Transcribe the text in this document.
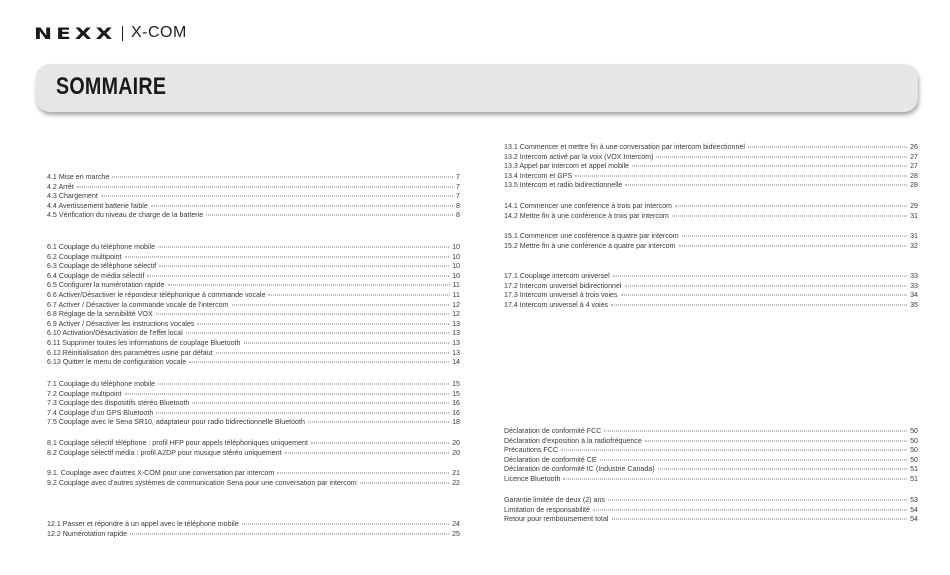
NEXX X-COM
SOMMAIRE
4.1 Mise en marche	7
4.2 Arrêt	7
4.3 Chargement	7
4.4 Avertissement batterie faible	8
4.5 Vérification du niveau de charge de la batterie	8
6.1 Couplage du téléphone mobile	10
6.2 Couplage multipoint	10
6.3 Couplage de téléphone sélectif	10
6.4 Couplage de média sélectif	10
6.5 Configurer la numérotation rapide	11
6.6 Activer/Désactiver le répondeur téléphonique à commande vocale	11
6.7 Activer / Désactiver la commande vocale de l'intercom	12
6.8 Réglage de la sensibilité VOX	12
6.9 Activer / Désactiver les instructions vocales	13
6.10 Activation/Désactivation de l'effet local	13
6.11 Supprimer toutes les informations de couplage Bluetooth	13
6.12 Réinitialisation des paramètres usine par défaut	13
6.13 Quitter le menu de configuration vocale	14
7.1 Couplage du téléphone mobile	15
7.2 Couplage multipoint	15
7.3 Couplage des dispositifs stéréo Bluetooth	16
7.4 Couplage d'un GPS Bluetooth	16
7.5 Couplage avec le Sena SR10, adaptateur pour radio bidirectionnelle Bluetooth	18
8.1 Couplage sélectif téléphone : profil HFP pour appels téléphoniques uniquement	20
8.2 Couplage sélectif média : profil A2DP pour musique stéréo uniquement	20
9.1. Couplage avec d'autres X-COM pour une conversation par intercom	21
9.2 Couplage avec d'autres systèmes de communication Sena pour une conversation par intercom	22
12.1 Passer et répondre à un appel avec le téléphone mobile	24
12.2 Numérotation rapide	25
13.1 Commencer et mettre fin à une conversation par intercom bidirectionnel	26
13.2 Intercom activé par la voix (VOX Intercom)	27
13.3 Appel par intercom et appel mobile	27
13.4 Intercom et GPS	28
13.5 Intercom et radio bidirectionnelle	28
14.1 Commencer une conférence à trois par intercom	29
14.2 Mettre fin à une conférence à trois par intercom	31
15.1 Commencer une conférence à quatre par intercom	31
15.2 Mettre fin à une conférence à quatre par intercom	32
17.1 Couplage intercom universel	33
17.2 Intercom universel bidirectionnel	33
17.3 Intercom universel à trois voies	34
17.4 Intercom universel à 4 voies	35
Déclaration de conformité FCC	50
Déclaration d'exposition à la radiofréquence	50
Précautions FCC	50
Déclaration de conformité CE	50
Déclaration de conformité IC (Industrie Canada)	51
Licence Bluetooth	51
Garantie limitée de deux (2) ans	53
Limitation de responsabilité	54
Retour pour remboursement total	54
